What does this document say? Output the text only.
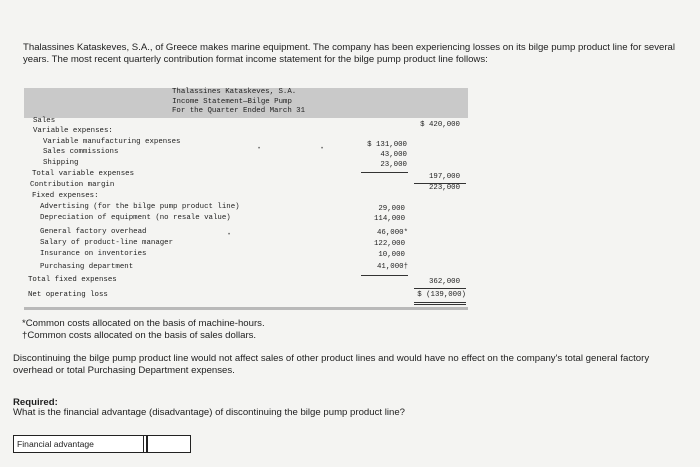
Thalassines Kataskeves, S.A., of Greece makes marine equipment. The company has been experiencing losses on its bilge pump product line for several years. The most recent quarterly contribution format income statement for the bilge pump product line follows:

Thalassines Kataskeves, S.A.
Income Statement—Bilge Pump
For the Quarter Ended March 31
Sales	$ 420,000
Variable expenses:
Variable manufacturing expenses	$ 131,000
Sales commissions	43,000
Shipping	23,000
Total variable expenses	197,000
Contribution margin	223,000
Fixed expenses:
Advertising (for the bilge pump product line)	29,000
Depreciation of equipment (no resale value)	114,000
General factory overhead	46,000*
Salary of product-line manager	122,000
Insurance on inventories	10,000
Purchasing department	41,000†
Total fixed expenses	362,000
Net operating loss	$ (139,000)
•	•
•
*Common costs allocated on the basis of machine-hours.
†Common costs allocated on the basis of sales dollars.

Discontinuing the bilge pump product line would not affect sales of other product lines and would have no effect on the company's total general factory overhead or total Purchasing Department expenses.

Required:
What is the financial advantage (disadvantage) of discontinuing the bilge pump product line?
Financial advantage
